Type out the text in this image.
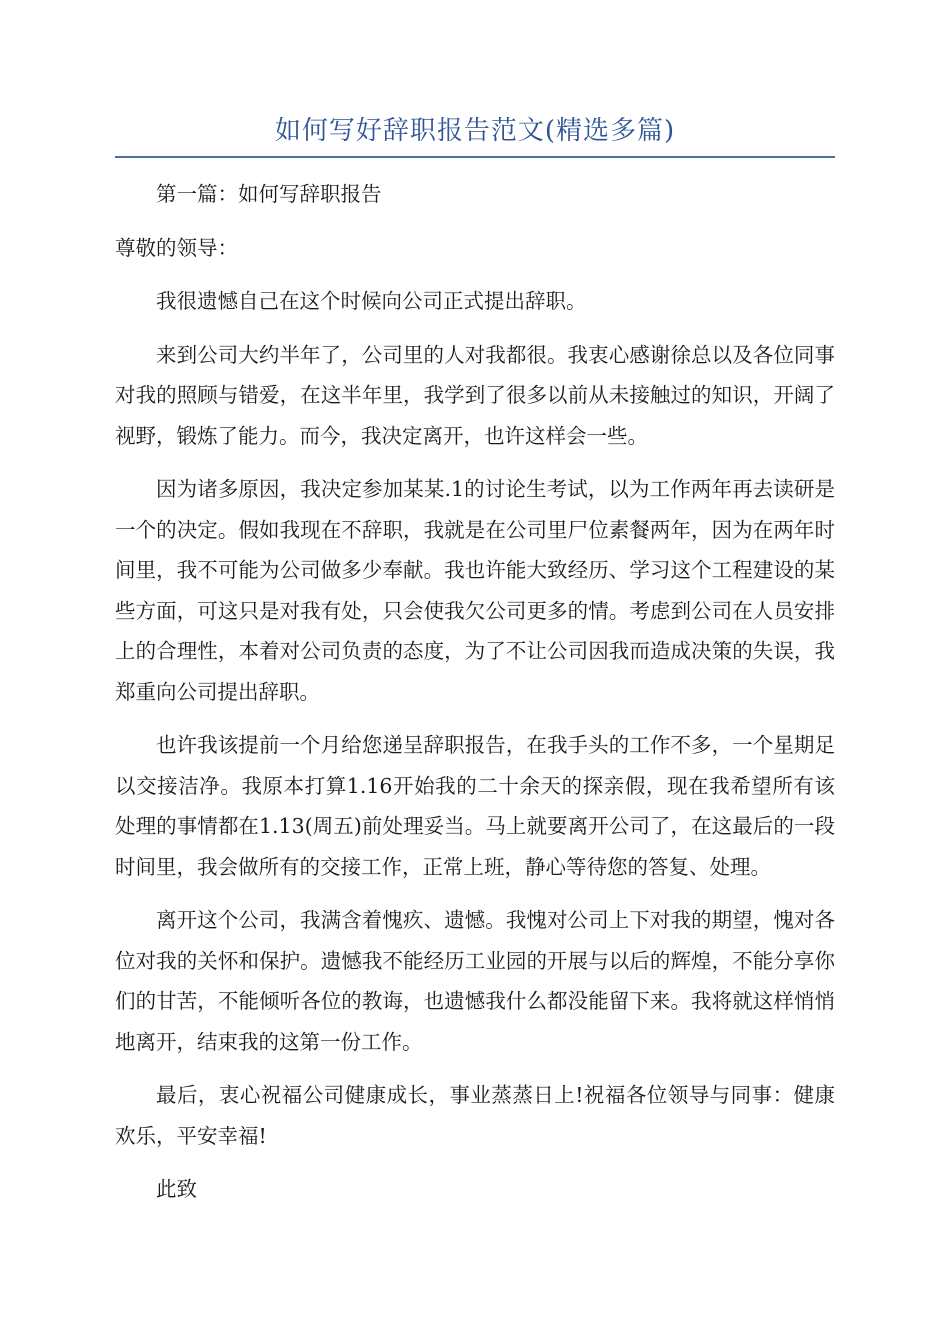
如何写好辞职报告范文(精选多篇)

第一篇：如何写辞职报告

尊敬的领导：

我很遗憾自己在这个时候向公司正式提出辞职。

来到公司大约半年了，公司里的人对我都很。我衷心感谢徐总以及各位同事对我的照顾与错爱，在这半年里，我学到了很多以前从未接触过的知识，开阔了视野，锻炼了能力。而今，我决定离开，也许这样会一些。

因为诸多原因，我决定参加某某.1的讨论生考试，以为工作两年再去读研是一个的决定。假如我现在不辞职，我就是在公司里尸位素餐两年，因为在两年时间里，我不可能为公司做多少奉献。我也许能大致经历、学习这个工程建设的某些方面，可这只是对我有处，只会使我欠公司更多的情。考虑到公司在人员安排上的合理性，本着对公司负责的态度，为了不让公司因我而造成决策的失误，我郑重向公司提出辞职。

也许我该提前一个月给您递呈辞职报告，在我手头的工作不多，一个星期足以交接洁净。我原本打算1.16开始我的二十余天的探亲假，现在我希望所有该处理的事情都在1.13(周五)前处理妥当。马上就要离开公司了，在这最后的一段时间里，我会做所有的交接工作，正常上班，静心等待您的答复、处理。

离开这个公司，我满含着愧疚、遗憾。我愧对公司上下对我的期望，愧对各位对我的关怀和保护。遗憾我不能经历工业园的开展与以后的辉煌，不能分享你们的甘苦，不能倾听各位的教诲，也遗憾我什么都没能留下来。我将就这样悄悄地离开，结束我的这第一份工作。

最后，衷心祝福公司健康成长，事业蒸蒸日上!祝福各位领导与同事：健康欢乐，平安幸福!

此致
